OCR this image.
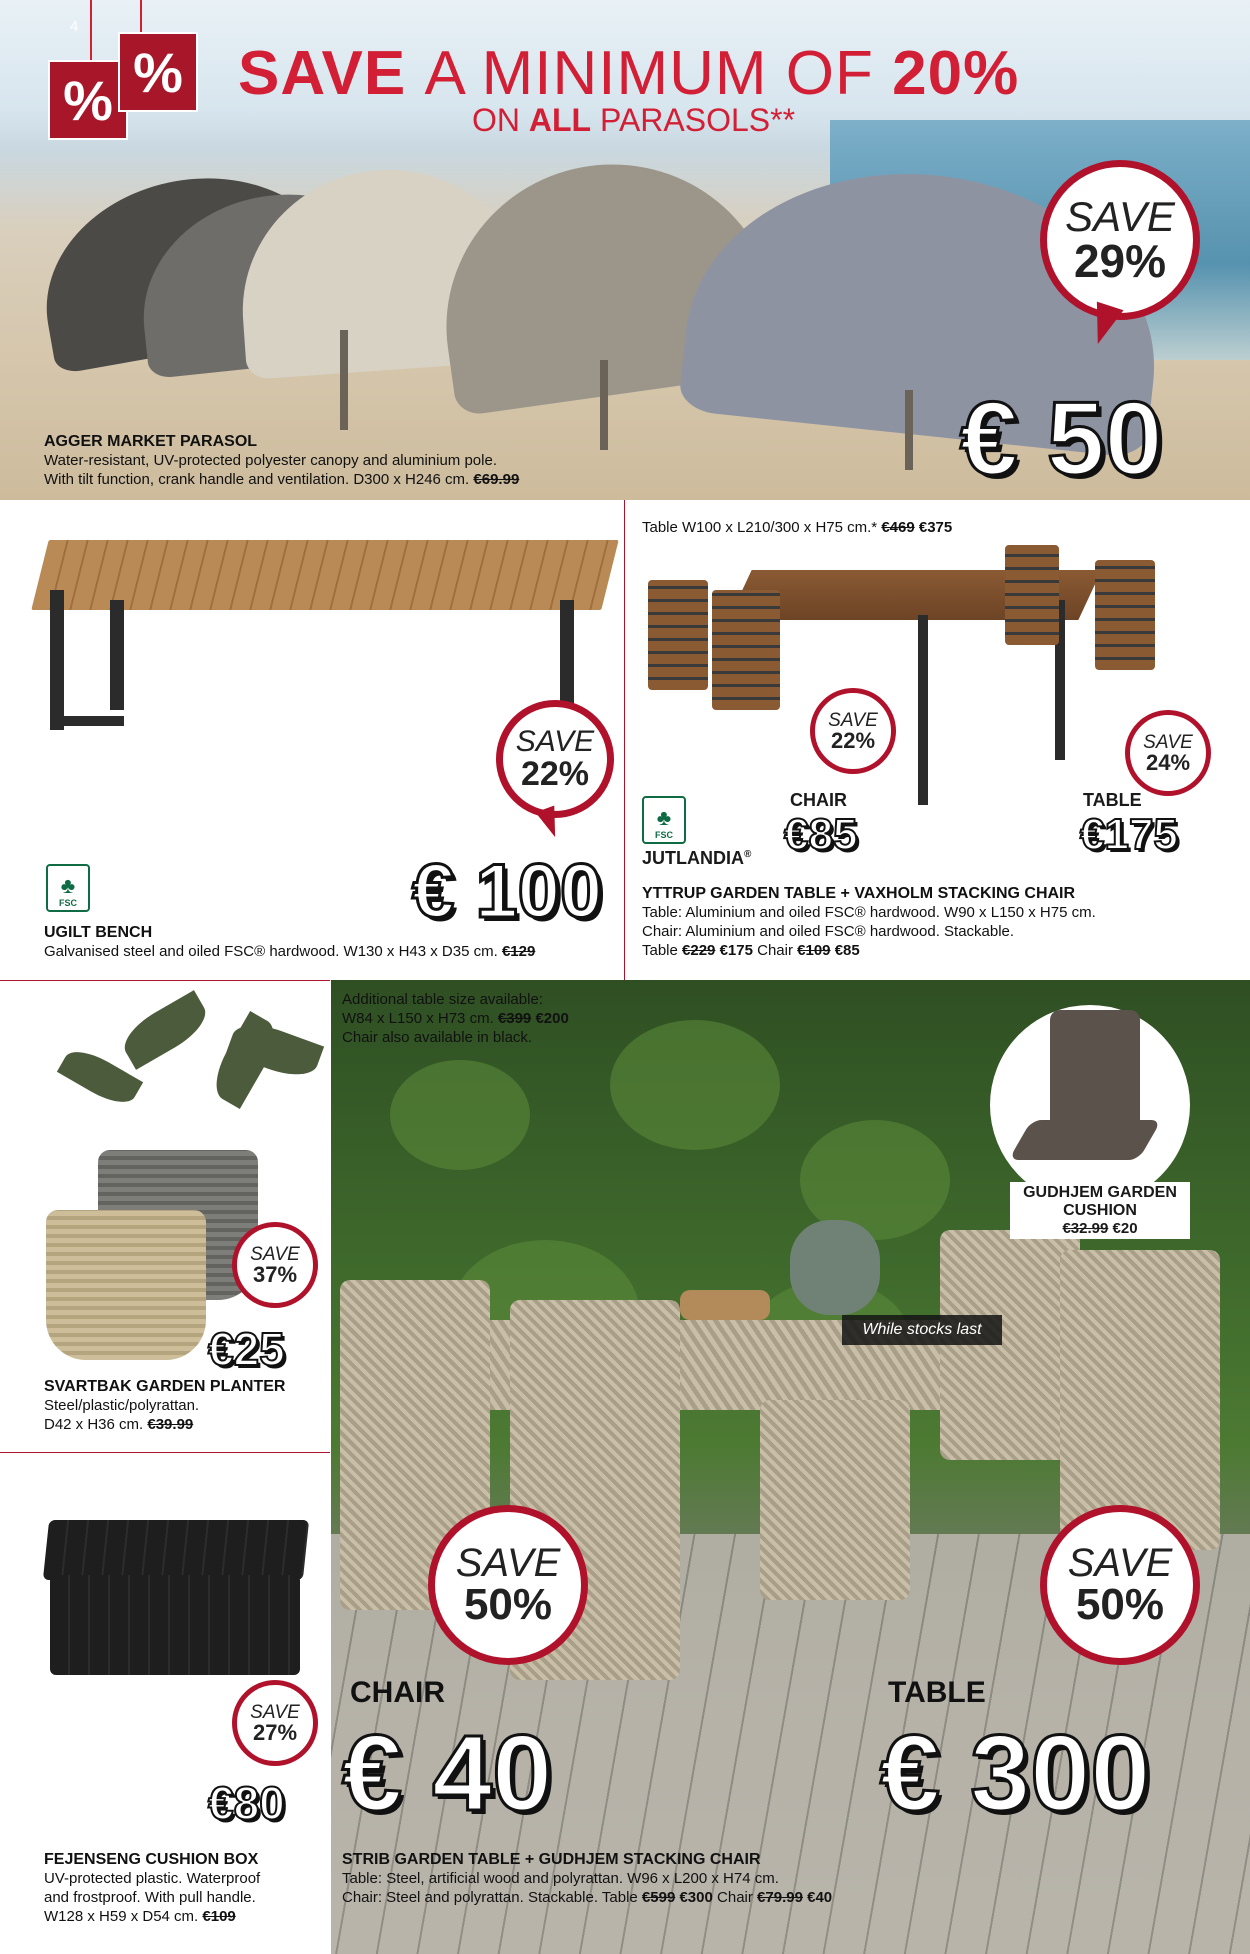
4
% % SAVE A MINIMUM OF 20%
ON ALL PARASOLS**
SAVE
29%
€ 50
AGGER MARKET PARASOL
Water-resistant, UV-protected polyester canopy and aluminium pole.
With tilt function, crank handle and ventilation. D300 x H246 cm. €69.99
SAVE
22%
€ 100
♣
FSC
UGILT BENCH
Galvanised steel and oiled FSC® hardwood. W130 x H43 x D35 cm. €129
Table W100 x L210/300 x H75 cm.* €469 €375
SAVE
22%	SAVE
24%
CHAIR
€85
TABLE
€175
♣
FSC
JUTLANDIA®
YTTRUP GARDEN TABLE + VAXHOLM STACKING CHAIR
Table: Aluminium and oiled FSC® hardwood. W90 x L150 x H75 cm.
Chair: Aluminium and oiled FSC® hardwood. Stackable.
Table €229 €175 Chair €109 €85
Additional table size available:
W84 x L150 x H73 cm. €399 €200
Chair also available in black.
GUDHJEM GARDEN
CUSHION
€32.99 €20
While stocks last
SAVE
50%
SAVE
50%
CHAIR
€ 40
TABLE
€ 300
STRIB GARDEN TABLE + GUDHJEM STACKING CHAIR
Table: Steel, artificial wood and polyrattan. W96 x L200 x H74 cm.
Chair: Steel and polyrattan. Stackable. Table €599 €300 Chair €79.99 €40
SAVE
37%
€25
SVARTBAK GARDEN PLANTER
Steel/plastic/polyrattan.
D42 x H36 cm. €39.99
SAVE
27%
€80
FEJENSENG CUSHION BOX
UV-protected plastic. Waterproof
and frostproof. With pull handle.
W128 x H59 x D54 cm. €109
